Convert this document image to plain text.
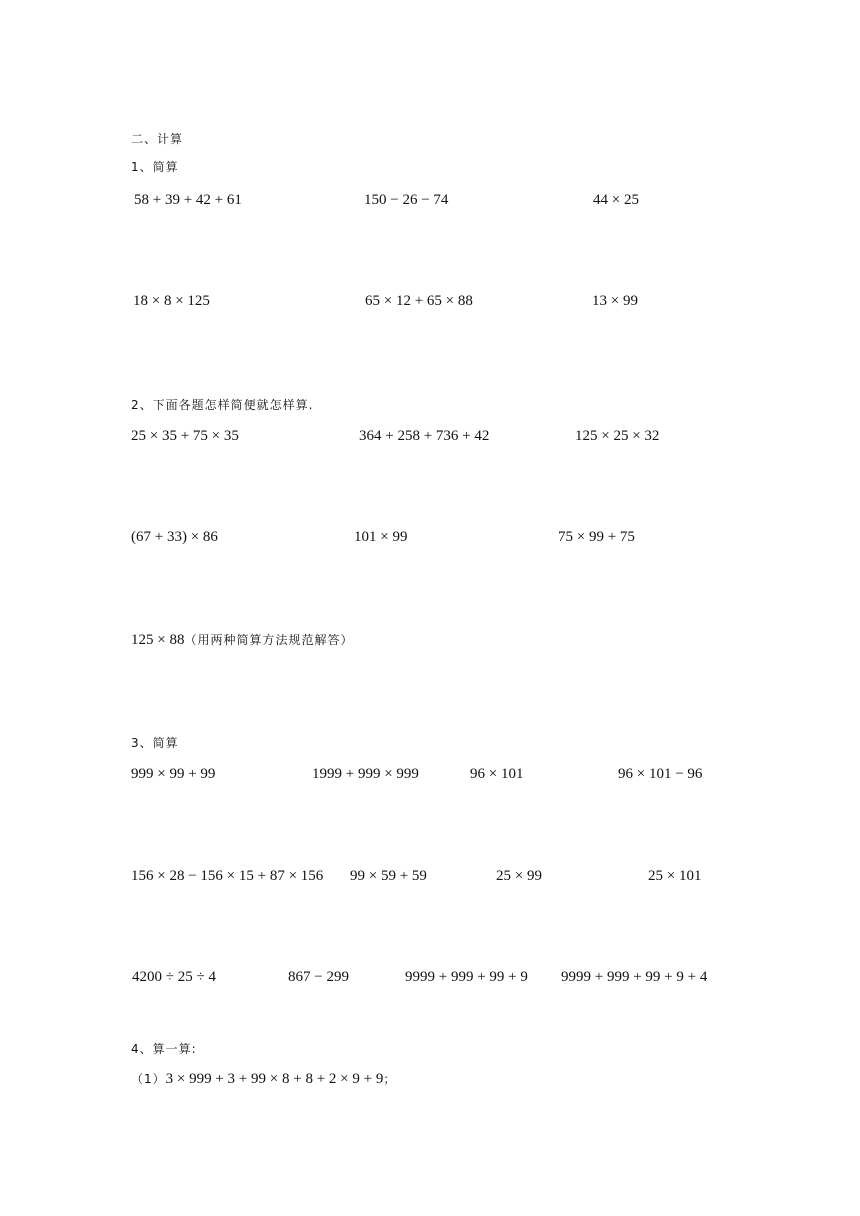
二、计算
1、简算
58 + 39 + 42 + 61	150 − 26 − 74	44 × 25
18 × 8 × 125	65 × 12 + 65 × 88	13 × 99
2、下面各题怎样简便就怎样算.
25 × 35 + 75 × 35	364 + 258 + 736 + 42	125 × 25 × 32
(67 + 33) × 86	101 × 99	75 × 99 + 75
125 × 88（用两种简算方法规范解答）
3、简算
999 × 99 + 99	1999 + 999 × 999	96 × 101	96 × 101 − 96
156 × 28 − 156 × 15 + 87 × 156 99 × 59 + 59	25 × 99	25 × 101
4200 ÷ 25 ÷ 4	867 − 299	9999 + 999 + 99 + 9 9999 + 999 + 99 + 9 + 4
4、算一算:
（1）3 × 999 + 3 + 99 × 8 + 8 + 2 × 9 + 9；
